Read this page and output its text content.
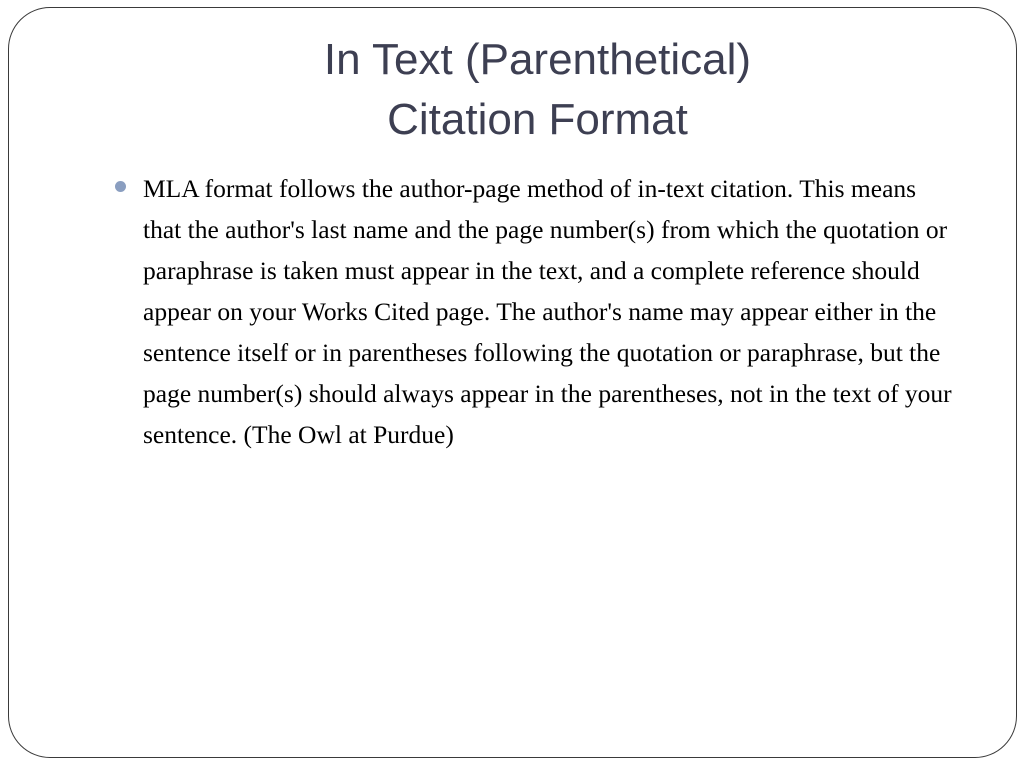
In Text (Parenthetical)
Citation Format
MLA format follows the author-page method of in-text citation. This means that the author's last name and the page number(s) from which the quotation or paraphrase is taken must appear in the text, and a complete reference should appear on your Works Cited page. The author's name may appear either in the sentence itself or in parentheses following the quotation or paraphrase, but the page number(s) should always appear in the parentheses, not in the text of your sentence. (The Owl at Purdue)
